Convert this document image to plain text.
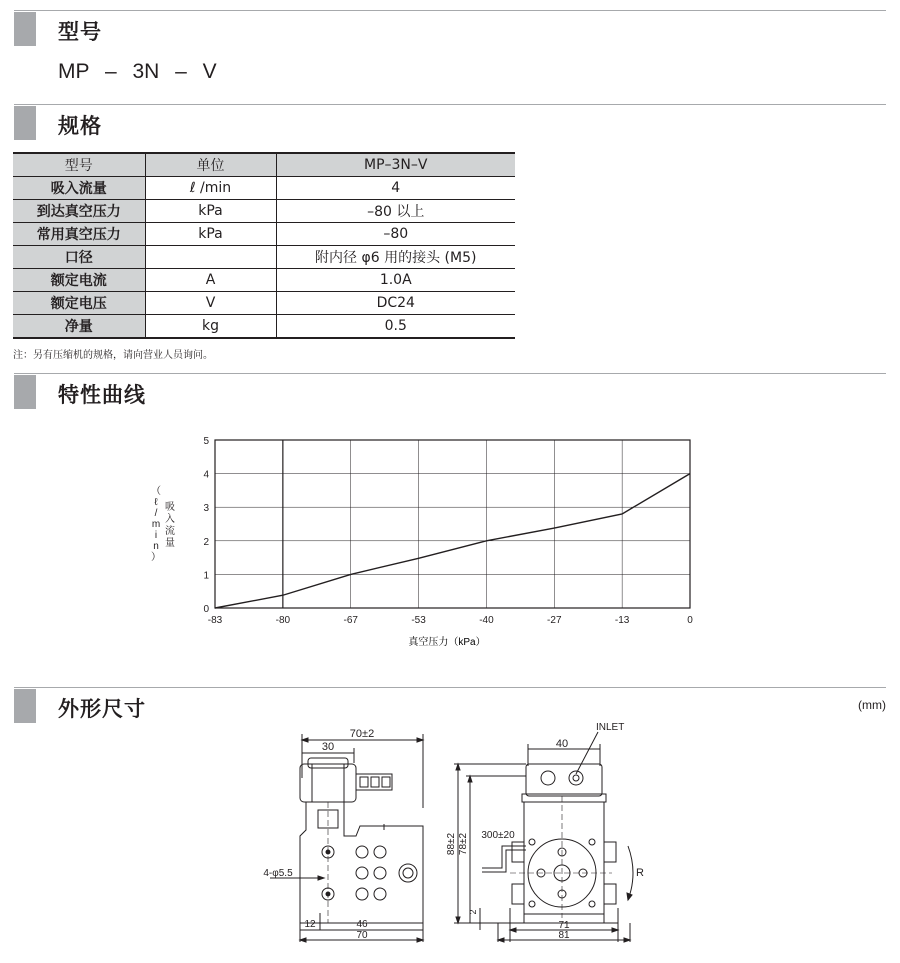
型号
MP – 3N – V
规格
型号	单位	MP–3N–V
吸入流量	ℓ /min	4
到达真空压力	kPa	–80 以上
常用真空压力	kPa	–80
口径		附内径 φ6 用的接头 (M5)
额定电流	A	1.0A
额定电压	V	DC24
净量	kg	0.5
注：另有压缩机的规格，请向营业人员询问。
特性曲线
-83	-80	-67	-53	-40	-27	-13	0
0
1
2
3
4
5
真空压力（kPa）
（
ℓ
/
m
i
n
）
吸
入
流
量
外形尺寸	(mm)
70±2
30
4-φ5.5
12	46
70
INLET
40
R
300±20
88±2 78±2
2
71
81
